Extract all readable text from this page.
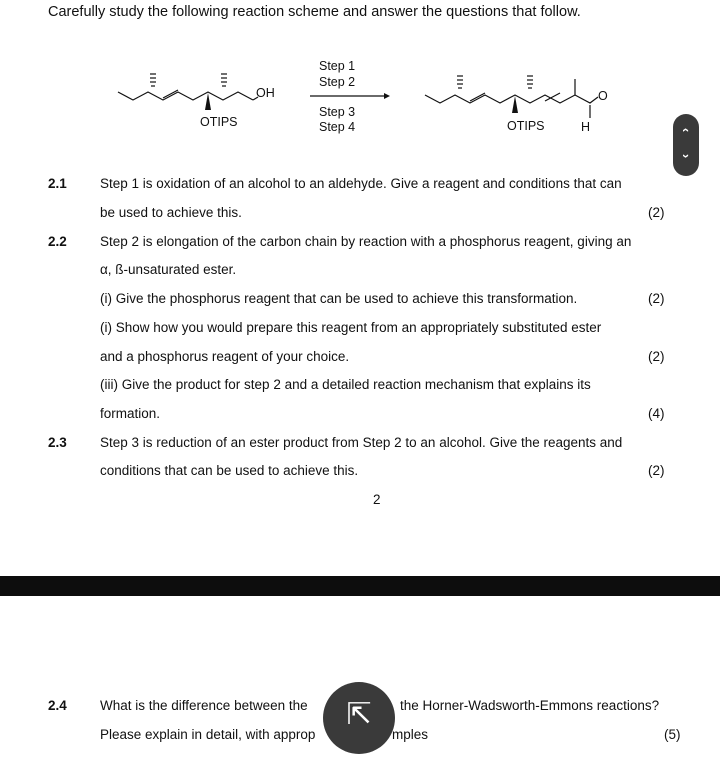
Carefully study the following reaction scheme and answer the questions that follow.
OH
OTIPS
Step 1
Step 2
Step 3
Step 4
O
H
OTIPS	‹
›
2.1 Step 1 is oxidation of an alcohol to an aldehyde. Give a reagent and conditions that can
be used to achieve this.	(2)
2.2 Step 2 is elongation of the carbon chain by reaction with a phosphorus reagent, giving an
α, ß-unsaturated ester.
(i) Give the phosphorus reagent that can be used to achieve this transformation.	(2)
(i) Show how you would prepare this reagent from an appropriately substituted ester
and a phosphorus reagent of your choice.	(2)
(iii) Give the product for step 2 and a detailed reaction mechanism that explains its
formation.	(4)
2.3 Step 3 is reduction of an ester product from Step 2 to an alcohol. Give the reagents and
conditions that can be used to achieve this.	(2)
2
2.4 What is the difference between the	the Horner-Wadsworth-Emmons reactions?
Please explain in detail, with approp	mples	(5)
⇱
